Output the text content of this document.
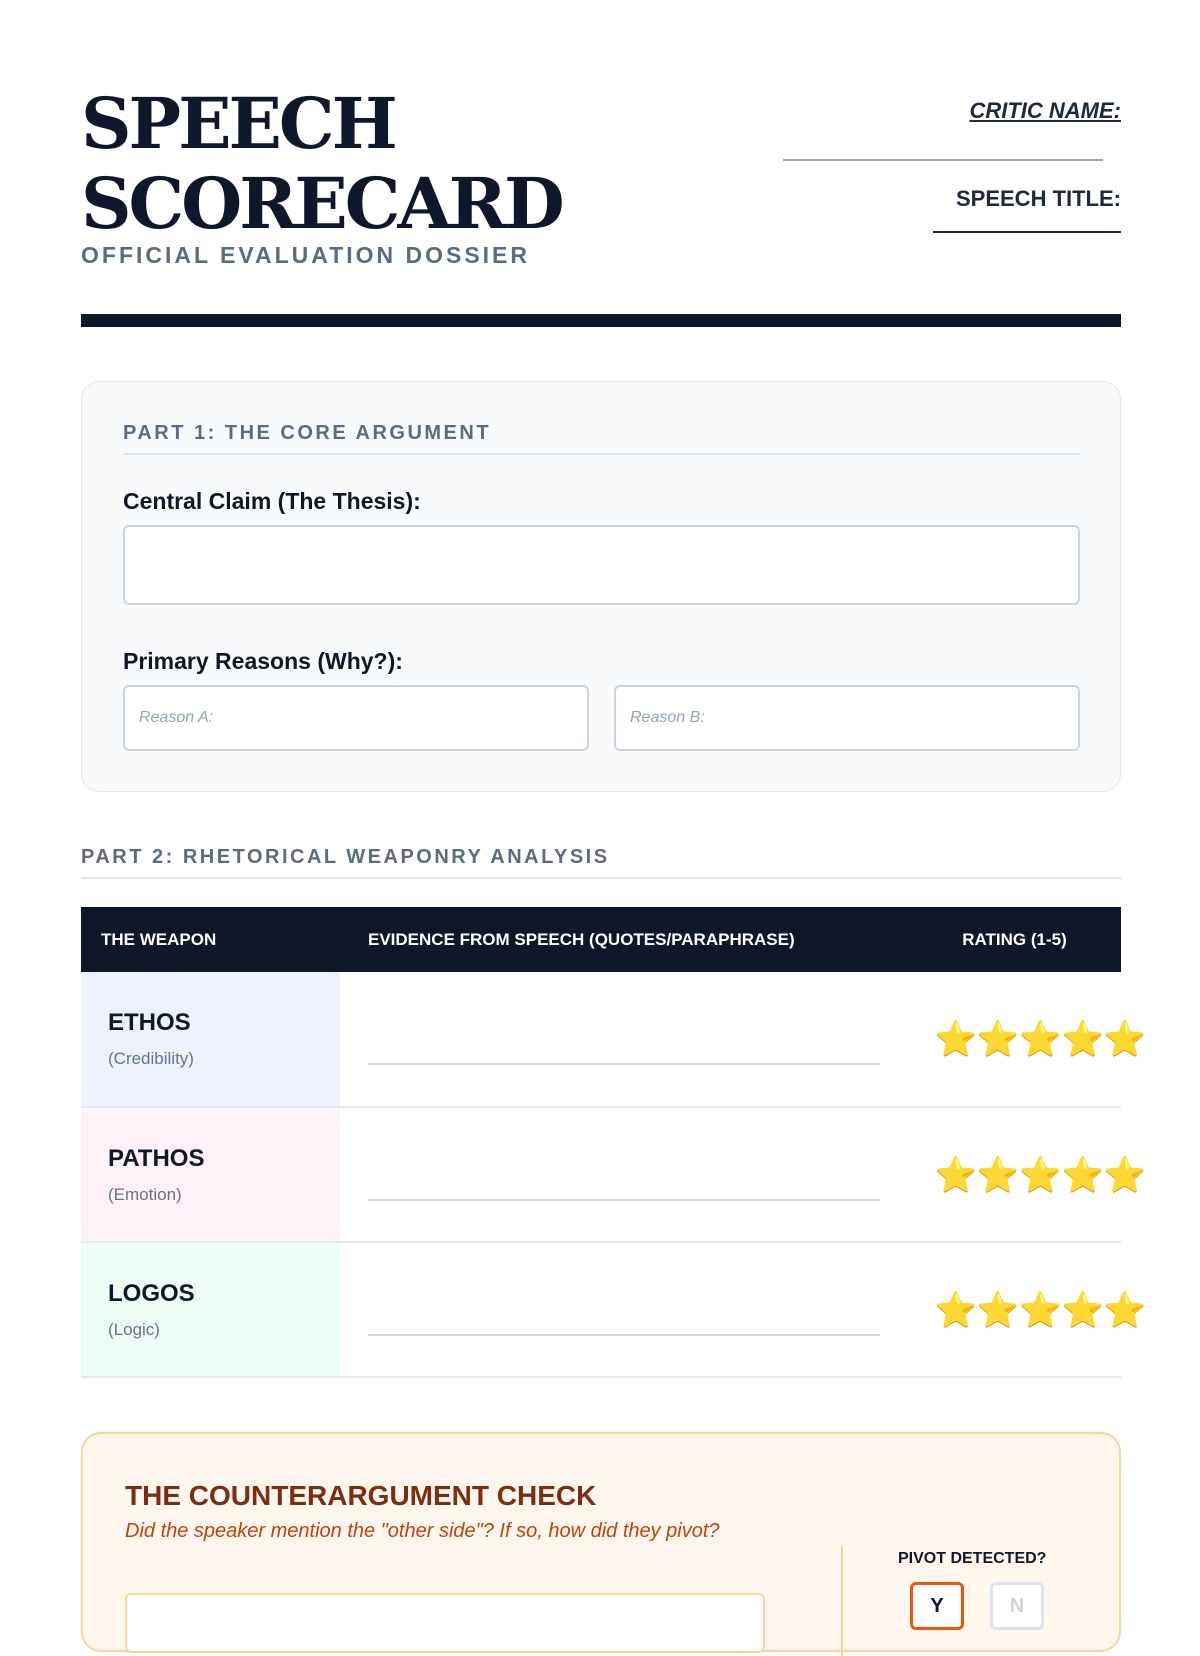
SPEECH
SCORECARD
OFFICIAL EVALUATION DOSSIER
CRITIC NAME:
SPEECH TITLE:
PART 1: THE CORE ARGUMENT
Central Claim (The Thesis):
Primary Reasons (Why?):
Reason A:	Reason B:
PART 2: RHETORICAL WEAPONRY ANALYSIS
THE WEAPON	EVIDENCE FROM SPEECH (QUOTES/PARAPHRASE)	RATING (1-5)

ETHOS
(Credibility)		⭐⭐⭐⭐⭐

PATHOS
(Emotion)		⭐⭐⭐⭐⭐

LOGOS
(Logic)		⭐⭐⭐⭐⭐
THE COUNTERARGUMENT CHECK
Did the speaker mention the "other side"? If so, how did they pivot?
PIVOT DETECTED?
Y	N
